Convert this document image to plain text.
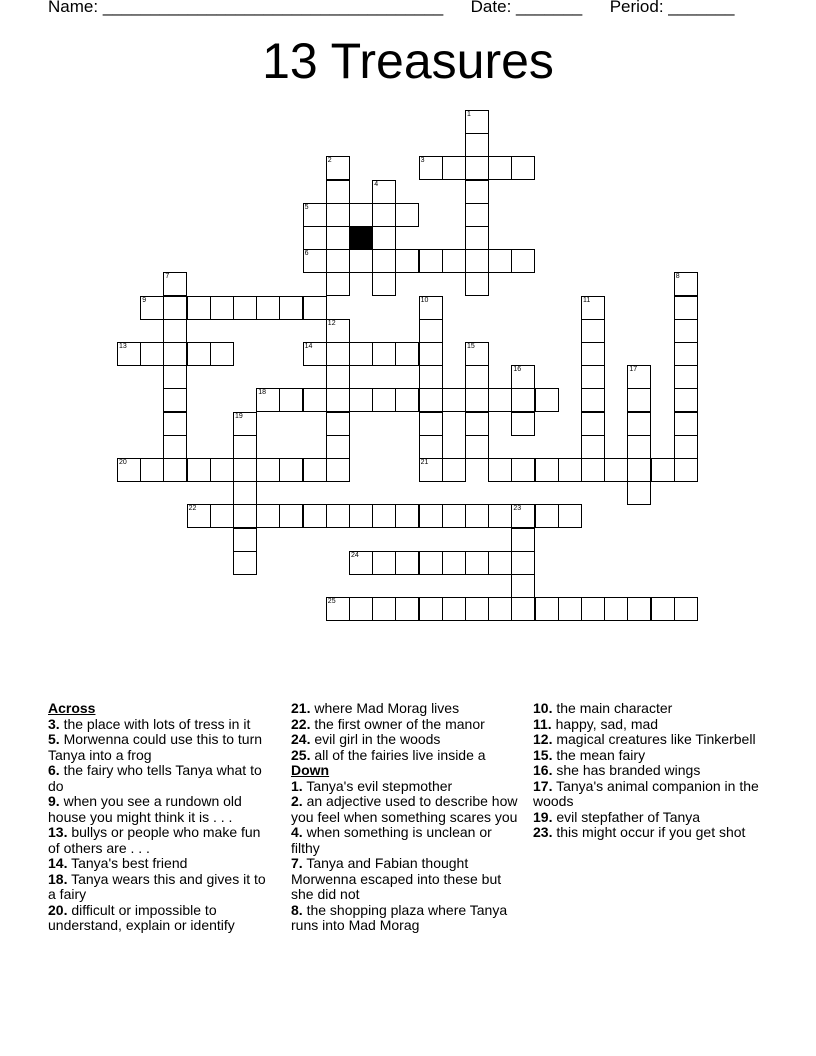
Name: ____________________________________ Date: _______ Period: _______
13 Treasures
1
3
2
4
5
6
7
9
13
8
10	11
12
14	15
16	17
18
19
20	21
22	23
24
25
Across
3. the place with lots of tress in it
5. Morwenna could use this to turn Tanya into a frog
6. the fairy who tells Tanya what to do
9. when you see a rundown old house you might think it is . . .
13. bullys or people who make fun of others are . . .
14. Tanya's best friend
18. Tanya wears this and gives it to a fairy
20. difficult or impossible to understand, explain or identify
21. where Mad Morag lives
22. the first owner of the manor
24. evil girl in the woods
25. all of the fairies live inside a
Down
1. Tanya's evil stepmother
2. an adjective used to describe how you feel when something scares you
4. when something is unclean or filthy
7. Tanya and Fabian thought Morwenna escaped into these but she did not
8. the shopping plaza where Tanya runs into Mad Morag
10. the main character
11. happy, sad, mad
12. magical creatures like Tinkerbell
15. the mean fairy
16. she has branded wings
17. Tanya's animal companion in the woods
19. evil stepfather of Tanya
23. this might occur if you get shot
